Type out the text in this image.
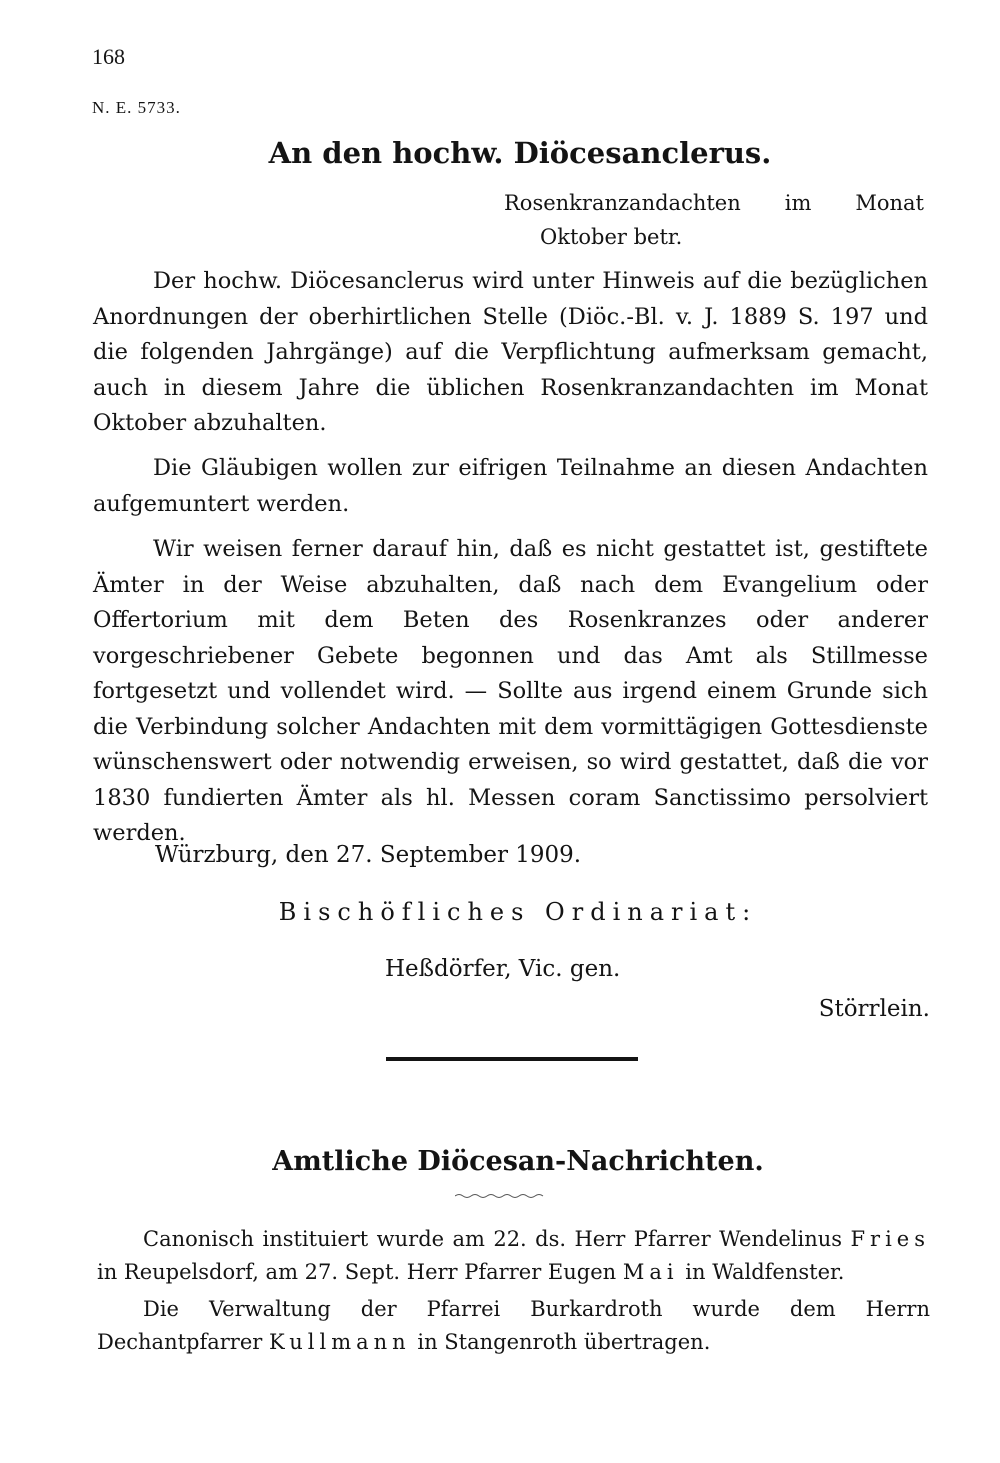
168
N. E. 5733.
An den hochw. Diöcesanclerus.
Rosenkranzandachten im Monat
Oktober betr.

Der hochw. Diöcesanclerus wird unter Hinweis auf die bezüglichen Anordnungen der oberhirtlichen Stelle (Diöc.-Bl. v. J. 1889 S. 197 und die folgenden Jahrgänge) auf die Verpflichtung aufmerksam gemacht, auch in diesem Jahre die üblichen Rosenkranzandachten im Monat Oktober abzuhalten.

Die Gläubigen wollen zur eifrigen Teilnahme an diesen Andachten aufgemuntert werden.

Wir weisen ferner darauf hin, daß es nicht gestattet ist, gestiftete Ämter in der Weise abzuhalten, daß nach dem Evangelium oder Offertorium mit dem Beten des Rosenkranzes oder anderer vorgeschriebener Gebete begonnen und das Amt als Stillmesse fortgesetzt und vollendet wird. — Sollte aus irgend einem Grunde sich die Verbindung solcher Andachten mit dem vormittägigen Gottesdienste wünschenswert oder notwendig erweisen, so wird gestattet, daß die vor 1830 fundierten Ämter als hl. Messen coram Sanctissimo persolviert werden.

Würzburg, den 27. September 1909.
Bischöfliches Ordinariat:
Heßdörfer, Vic. gen.
Störrlein.
Amtliche Diöcesan-Nachrichten.

Canonisch instituiert wurde am 22. ds. Herr Pfarrer Wendelinus Fries in Reupelsdorf, am 27. Sept. Herr Pfarrer Eugen Mai in Waldfenster.

Die Verwaltung der Pfarrei Burkardroth wurde dem Herrn Dechantpfarrer Kullmann in Stangenroth übertragen.
